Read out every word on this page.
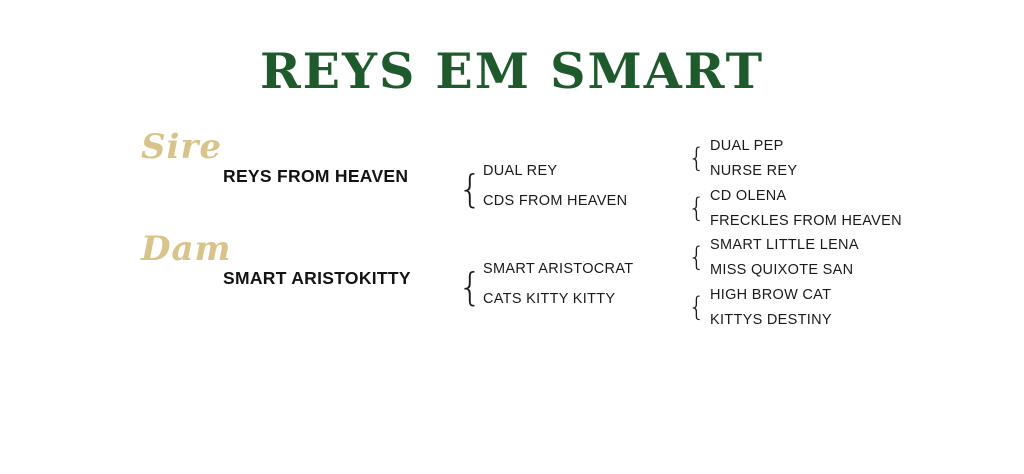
REYS EM SMART
Sire
REYS FROM HEAVEN
Dam
SMART ARISTOKITTY
{
{
DUAL REY
CDS FROM HEAVEN
SMART ARISTOCRAT
CATS KITTY KITTY
{
{
{
{
DUAL PEP
NURSE REY
CD OLENA
FRECKLES FROM HEAVEN
SMART LITTLE LENA
MISS QUIXOTE SAN
HIGH BROW CAT
KITTYS DESTINY
